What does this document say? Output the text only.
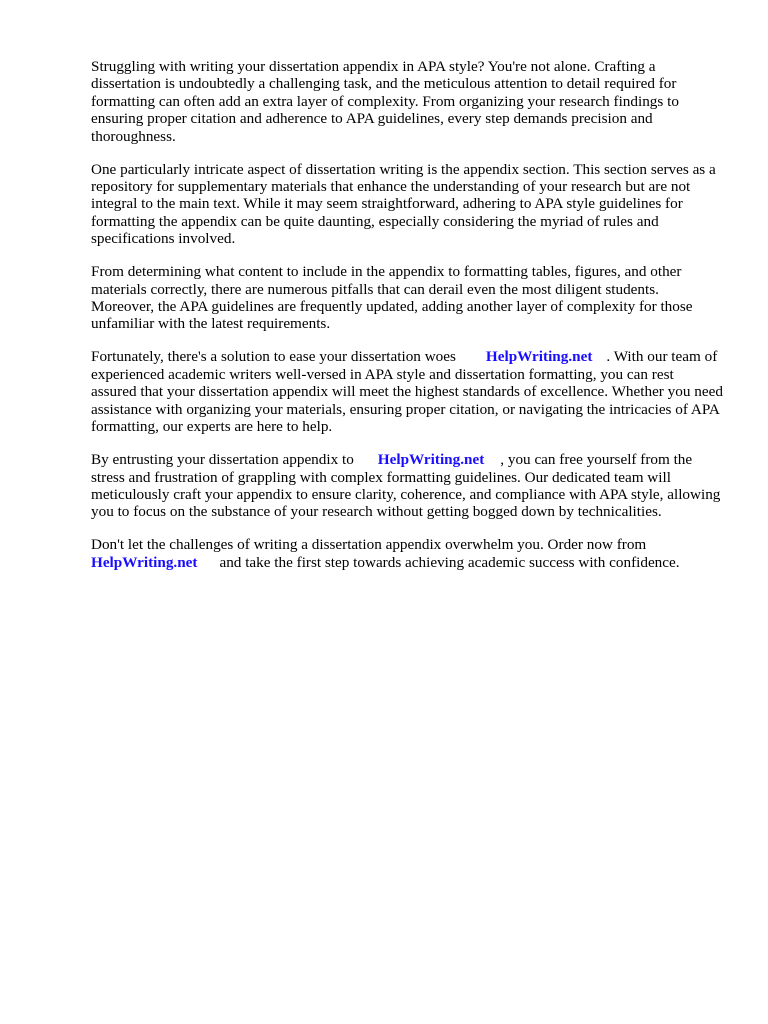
Struggling with writing your dissertation appendix in APA style? You're not alone. Crafting a dissertation is undoubtedly a challenging task, and the meticulous attention to detail required for formatting can often add an extra layer of complexity. From organizing your research findings to ensuring proper citation and adherence to APA guidelines, every step demands precision and thoroughness.

One particularly intricate aspect of dissertation writing is the appendix section. This section serves as a repository for supplementary materials that enhance the understanding of your research but are not integral to the main text. While it may seem straightforward, adhering to APA style guidelines for formatting the appendix can be quite daunting, especially considering the myriad of rules and specifications involved.

From determining what content to include in the appendix to formatting tables, figures, and other materials correctly, there are numerous pitfalls that can derail even the most diligent students. Moreover, the APA guidelines are frequently updated, adding another layer of complexity for those unfamiliar with the latest requirements.

Fortunately, there's a solution to ease your dissertation woes HelpWriting.net . With our team of experienced academic writers well-versed in APA style and dissertation formatting, you can rest assured that your dissertation appendix will meet the highest standards of excellence. Whether you need assistance with organizing your materials, ensuring proper citation, or navigating the intricacies of APA formatting, our experts are here to help.

By entrusting your dissertation appendix to HelpWriting.net , you can free yourself from the stress and frustration of grappling with complex formatting guidelines. Our dedicated team will meticulously craft your appendix to ensure clarity, coherence, and compliance with APA style, allowing you to focus on the substance of your research without getting bogged down by technicalities.

Don't let the challenges of writing a dissertation appendix overwhelm you. Order now from HelpWriting.net and take the first step towards achieving academic success with confidence.
